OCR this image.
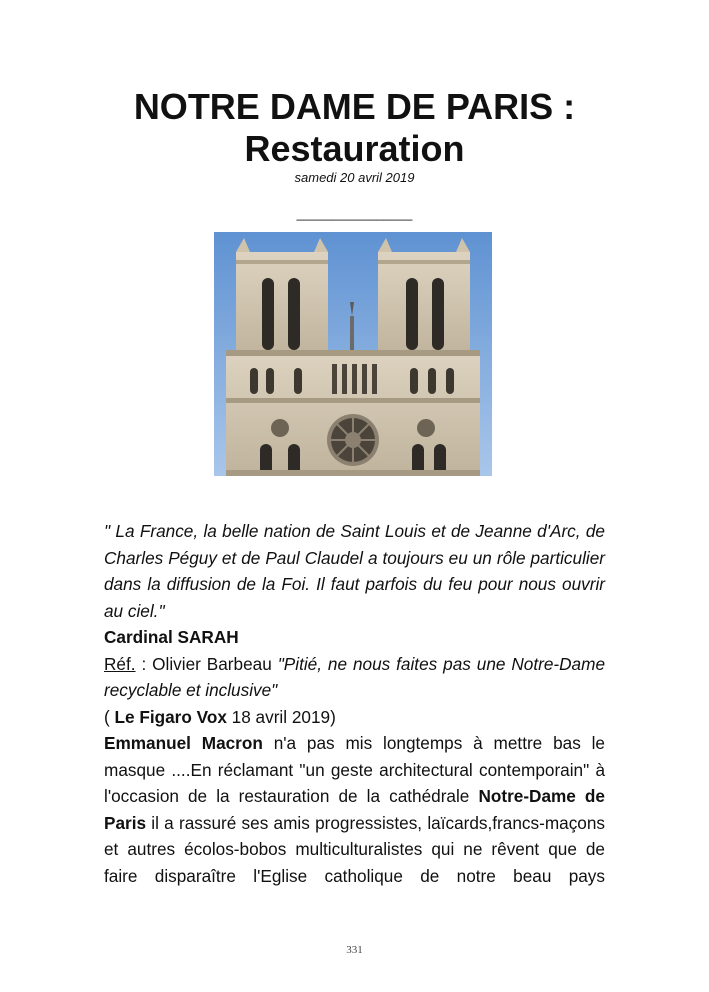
NOTRE DAME DE PARIS :
Restauration
samedi 20 avril 2019
________________

" La France, la belle nation de Saint Louis et de Jeanne d'Arc, de Charles Péguy et de Paul Claudel a toujours eu un rôle particulier dans la diffusion de la Foi. Il faut parfois du feu pour nous ouvrir au ciel."

Cardinal SARAH

Réf. : Olivier Barbeau "Pitié, ne nous faites pas une Notre-Dame recyclable et inclusive"

( Le Figaro Vox 18 avril 2019)

Emmanuel Macron n'a pas mis longtemps à mettre bas le masque ....En réclamant "un geste architectural contemporain" à l'occasion de la restauration de la cathédrale Notre-Dame de Paris il a rassuré ses amis progressistes, laïcards,francs-maçons et autres écolos-bobos multiculturalistes qui ne rêvent que de faire disparaître l'Eglise catholique de notre beau pays

331
